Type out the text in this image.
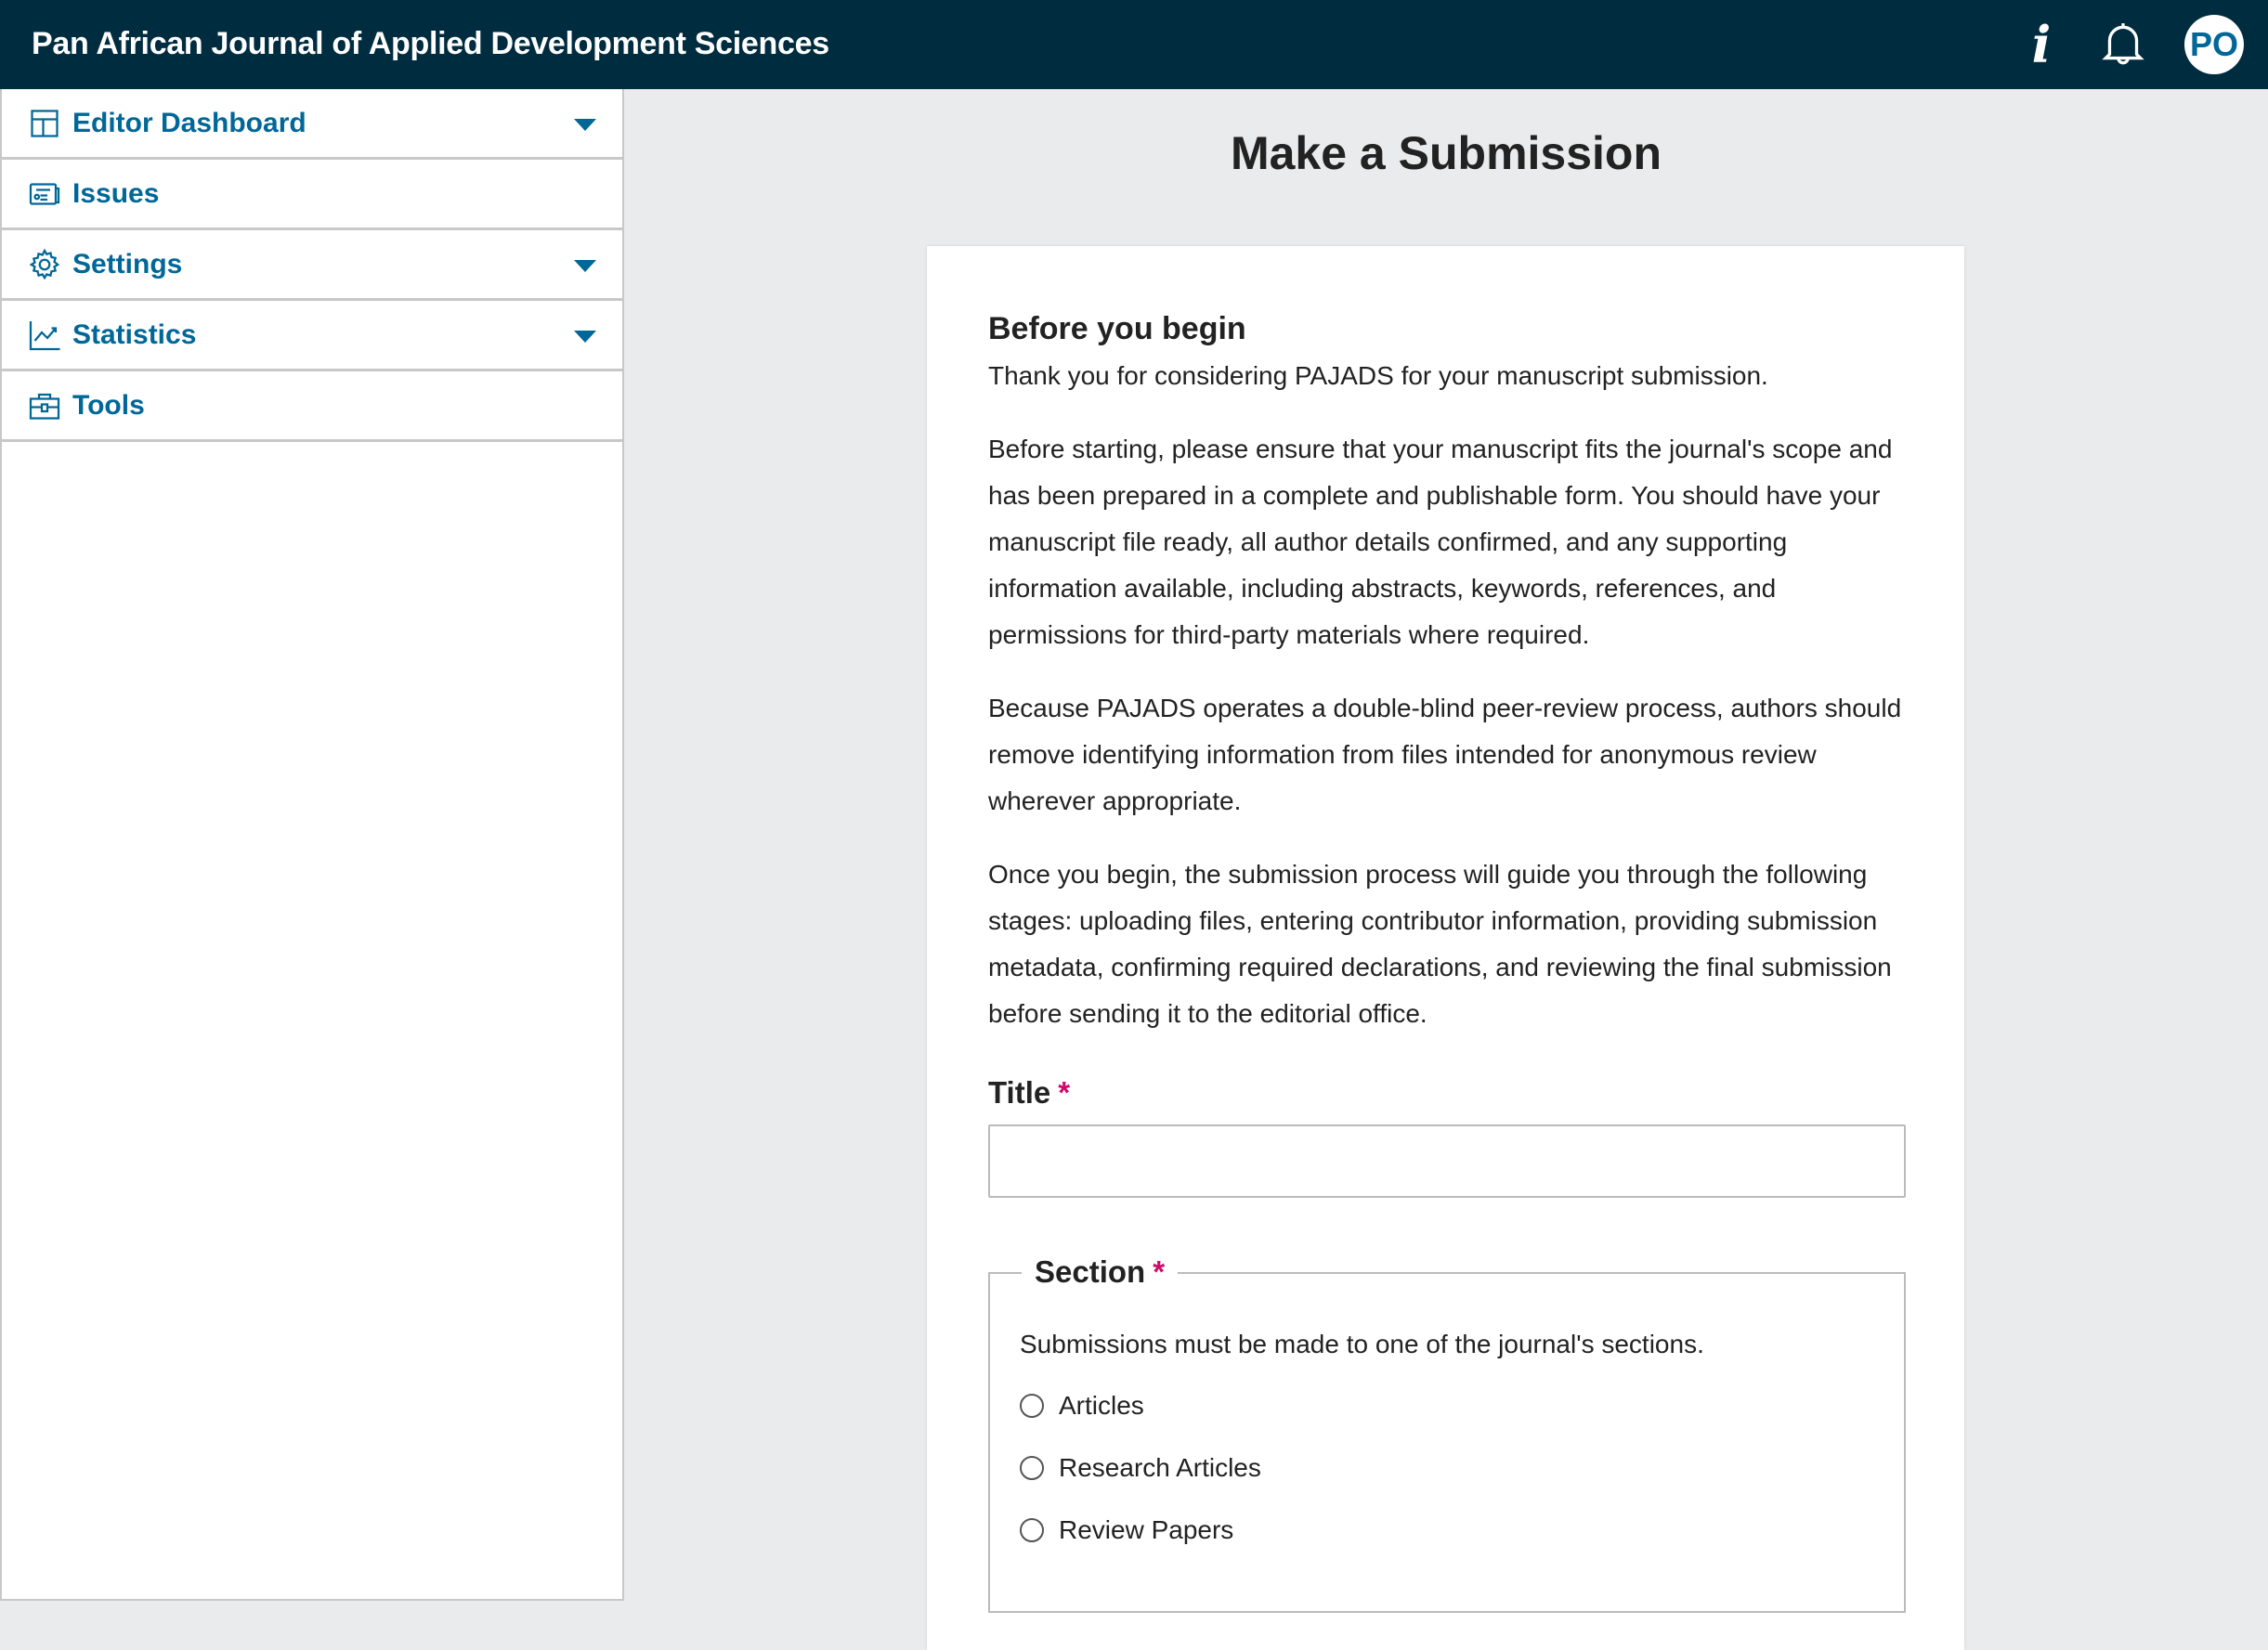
Pan African Journal of Applied Development Sciences	i	PO
Editor Dashboard
Issues
Settings
Statistics
Tools
Make a Submission
Before you begin

Thank you for considering PAJADS for your manuscript submission.

Before starting, please ensure that your manuscript fits the journal's scope and has been prepared in a complete and publishable form. You should have your manuscript file ready, all author details confirmed, and any supporting information available, including abstracts, keywords, references, and permissions for third-party materials where required.

Because PAJADS operates a double-blind peer-review process, authors should remove identifying information from files intended for anonymous review wherever appropriate.

Once you begin, the submission process will guide you through the following stages: uploading files, entering contributor information, providing submission metadata, confirming required declarations, and reviewing the final submission before sending it to the editorial office.

Title *
Section *
Submissions must be made to one of the journal's sections.
Articles
Research Articles
Review Papers
